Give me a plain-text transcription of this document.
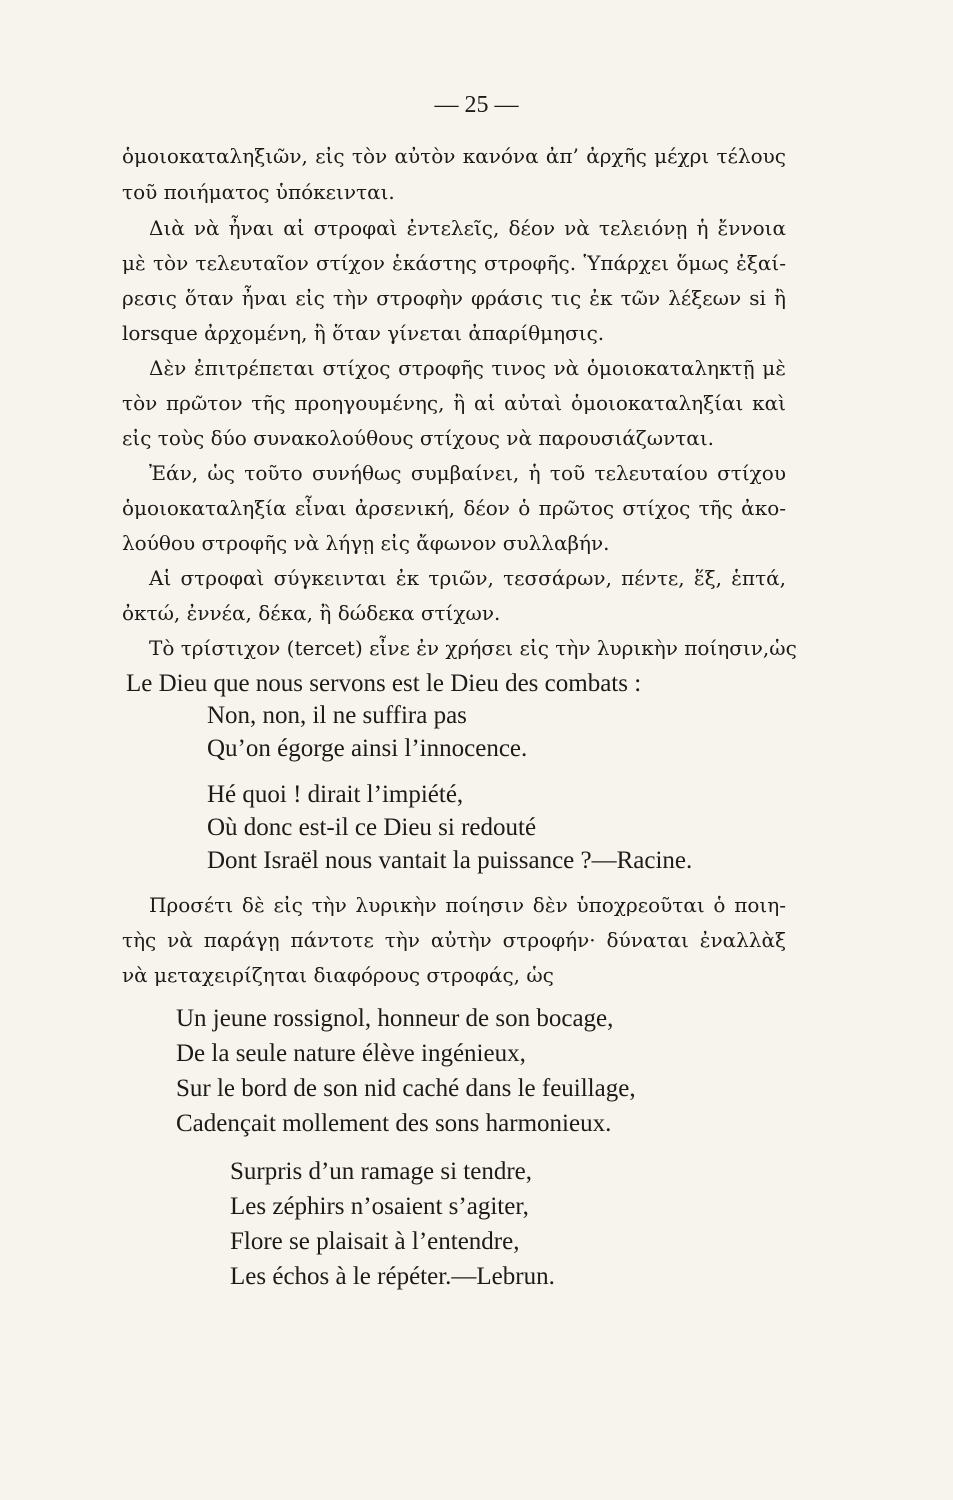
— 25 —
ὁμοιοκαταληξιῶν, εἰς τὸν αὐτὸν κανόνα ἀπ’ ἀρχῆς μέχρι τέλους
τοῦ ποιήματος ὑπόκεινται.
Διὰ νὰ ἦναι αἱ στροφαὶ ἐντελεῖς, δέον νὰ τελειόνῃ ἡ ἔννοια
μὲ τὸν τελευταῖον στίχον ἑκάστης στροφῆς. Ὑπάρχει ὅμως ἐξαί-
ρεσις ὅταν ἦναι εἰς τὴν στροφὴν φράσις τις ἐκ τῶν λέξεων si ἢ
lorsque ἀρχομένη, ἢ ὅταν γίνεται ἀπαρίθμησις.
Δὲν ἐπιτρέπεται στίχος στροφῆς τινος νὰ ὁμοιοκαταληκτῇ μὲ
τὸν πρῶτον τῆς προηγουμένης, ἢ αἱ αὐταὶ ὁμοιοκαταληξίαι καὶ
εἰς τοὺς δύο συνακολούθους στίχους νὰ παρουσιάζωνται.
Ἐάν, ὡς τοῦτο συνήθως συμβαίνει, ἡ τοῦ τελευταίου στίχου
ὁμοιοκαταληξία εἶναι ἀρσενική, δέον ὁ πρῶτος στίχος τῆς ἀκο-
λούθου στροφῆς νὰ λήγῃ εἰς ἄφωνον συλλαβήν.
Αἱ στροφαὶ σύγκεινται ἐκ τριῶν, τεσσάρων, πέντε, ἕξ, ἑπτά,
ὀκτώ, ἐννέα, δέκα, ἢ δώδεκα στίχων.
Τὸ τρίστιχον (tercet) εἶνε ἐν χρήσει εἰς τὴν λυρικὴν ποίησιν,ὡς
Le Dieu que nous servons est le Dieu des combats :
Non, non, il ne suffira pas
Qu’on égorge ainsi l’innocence.
Hé quoi ! dirait l’impiété,
Où donc est-il ce Dieu si redouté
Dont Israël nous vantait la puissance ?—Racine.
Προσέτι δὲ εἰς τὴν λυρικὴν ποίησιν δὲν ὑποχρεοῦται ὁ ποιη-
τὴς νὰ παράγῃ πάντοτε τὴν αὐτὴν στροφήν· δύναται ἐναλλὰξ
νὰ μεταχειρίζηται διαφόρους στροφάς, ὡς
Un jeune rossignol, honneur de son bocage,
De la seule nature élève ingénieux,
Sur le bord de son nid caché dans le feuillage,
Cadençait mollement des sons harmonieux.
Surpris d’un ramage si tendre,
Les zéphirs n’osaient s’agiter,
Flore se plaisait à l’entendre,
Les échos à le répéter.—Lebrun.
